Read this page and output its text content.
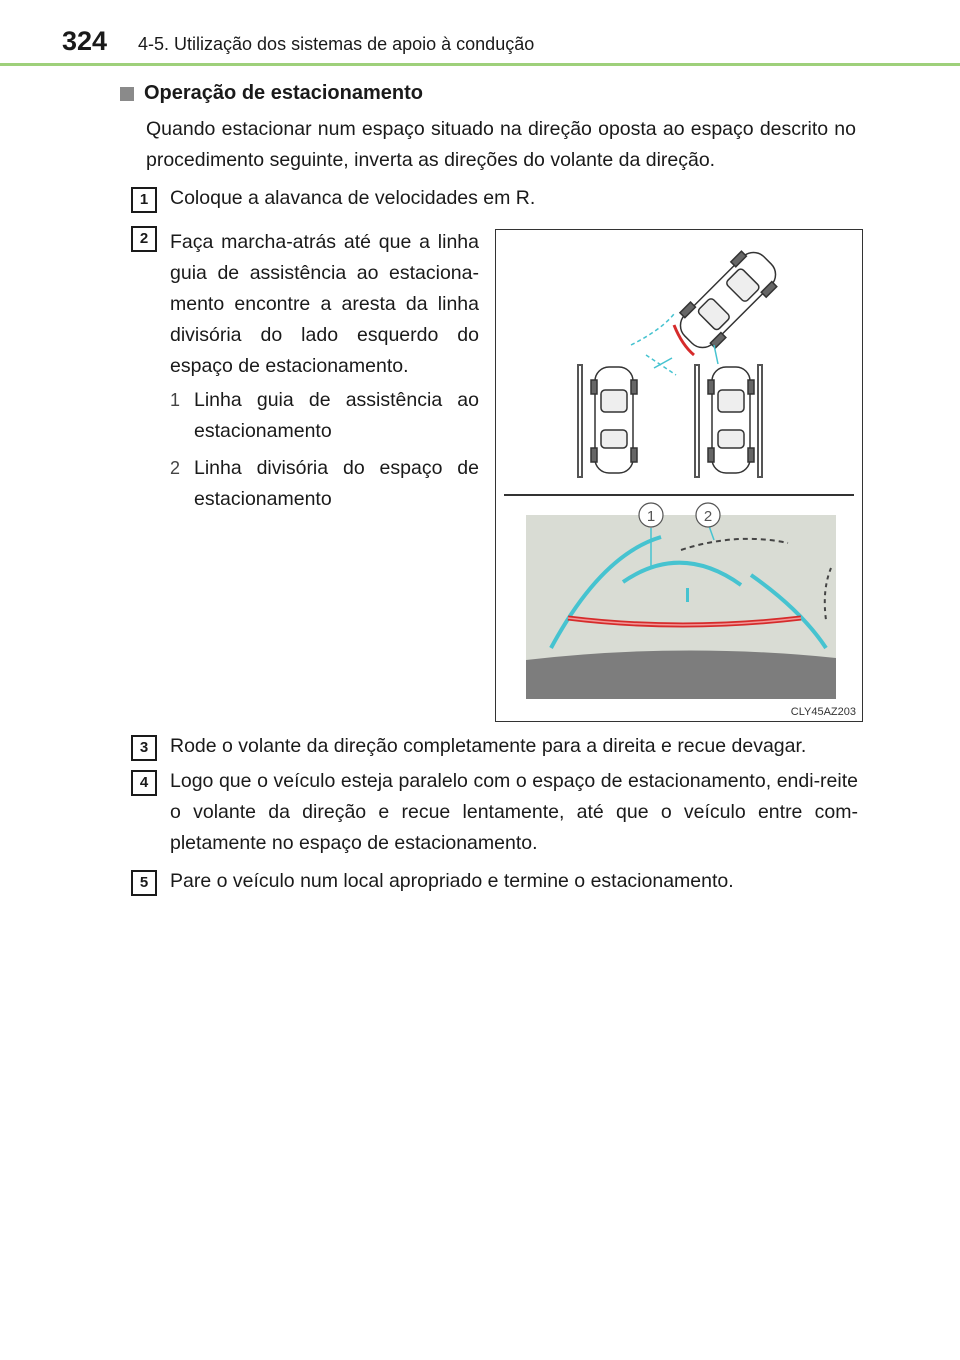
324 4-5. Utilização dos sistemas de apoio à condução
Operação de estacionamento
Quando estacionar num espaço situado na direção oposta ao espaço descrito no procedimento seguinte, inverta as direções do volante da direção.
1	Coloque a alavanca de velocidades em R.
2	Faça marcha-atrás até que a linha guia de assistência ao estaciona-mento encontre a aresta da linha divisória do lado esquerdo do espaço de estacionamento.
1 Linha guia de assistência ao estacionamento
2 Linha divisória do espaço de estacionamento
1	2
CLY45AZ203
3	Rode o volante da direção completamente para a direita e recue devagar.
4	Logo que o veículo esteja paralelo com o espaço de estacionamento, endi-reite o volante da direção e recue lentamente, até que o veículo entre com-pletamente no espaço de estacionamento.
5	Pare o veículo num local apropriado e termine o estacionamento.
